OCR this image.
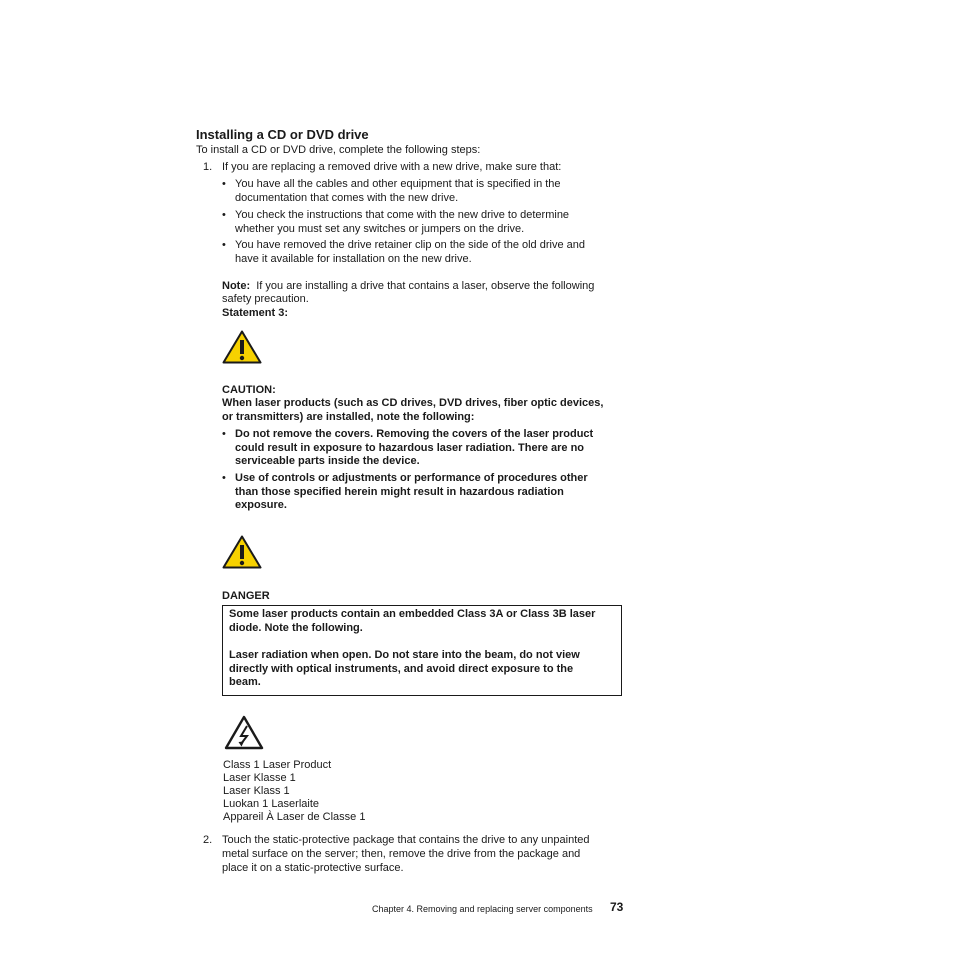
Installing a CD or DVD drive

To install a CD or DVD drive, complete the following steps:

1. If you are replacing a removed drive with a new drive, make sure that:

• You have all the cables and other equipment that is specified in the
documentation that comes with the new drive.
• You check the instructions that come with the new drive to determine
whether you must set any switches or jumpers on the drive.
• You have removed the drive retainer clip on the side of the old drive and
have it available for installation on the new drive.

Note: If you are installing a drive that contains a laser, observe the following

safety precaution.

Statement 3:

CAUTION:

When laser products (such as CD drives, DVD drives, fiber optic devices,

or transmitters) are installed, note the following:

• Do not remove the covers. Removing the covers of the laser product
could result in exposure to hazardous laser radiation. There are no
serviceable parts inside the device.
• Use of controls or adjustments or performance of procedures other
than those specified herein might result in hazardous radiation
exposure.

DANGER

Some laser products contain an embedded Class 3A or Class 3B laser
diode. Note the following.
Laser radiation when open. Do not stare into the beam, do not view
directly with optical instruments, and avoid direct exposure to the
beam.

Class 1 Laser Product

Laser Klasse 1

Laser Klass 1

Luokan 1 Laserlaite

Appareil À Laser de Classe 1

2. Touch the static-protective package that contains the drive to any unpainted

metal surface on the server; then, remove the drive from the package and

place it on a static-protective surface.

Chapter 4. Removing and replacing server components 73
